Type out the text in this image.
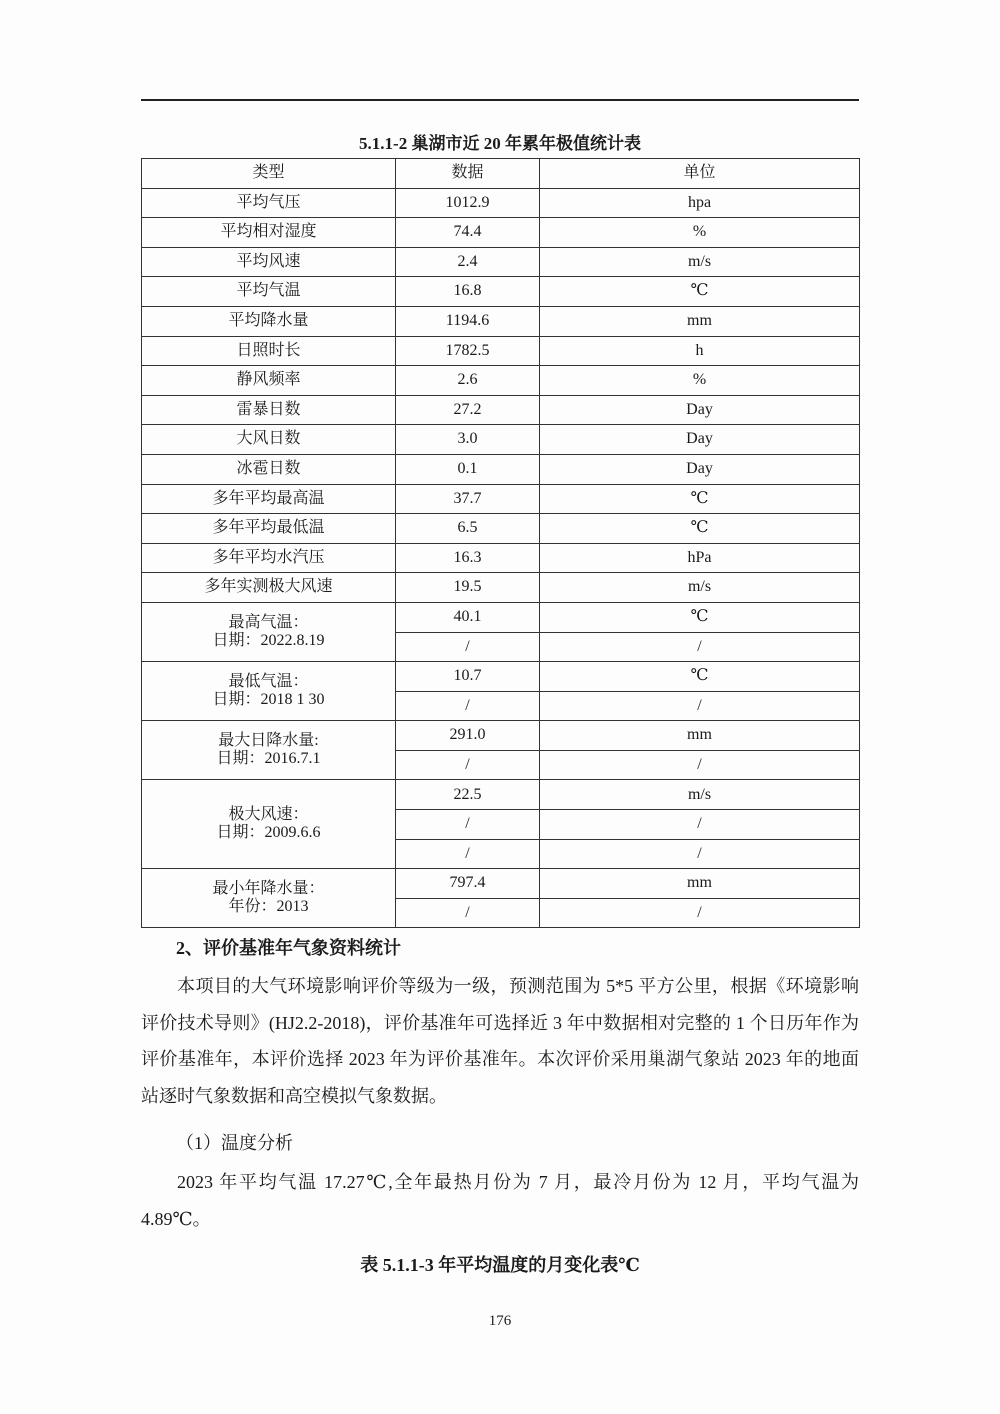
5.1.1-2 巢湖市近 20 年累年极值统计表
类型	数据	单位
平均气压	1012.9	hpa
平均相对湿度	74.4	%
平均风速	2.4	m/s
平均气温	16.8	℃
平均降水量	1194.6	mm
日照时长	1782.5	h
静风频率	2.6	%
雷暴日数	27.2	Day
大风日数	3.0	Day
冰雹日数	0.1	Day
多年平均最高温	37.7	℃
多年平均最低温	6.5	℃
多年平均水汽压	16.3	hPa
多年实测极大风速	19.5	m/s

最高气温：
日期：2022.8.19	40.1	℃
	/	/

最低气温：
日期：2018 1 30	10.7	℃
	/	/

最大日降水量:
日期：2016.7.1	291.0	mm
	/	/

极大风速：
日期：2009.6.6	22.5	m/s
	/	/
	/	/

最小年降水量：
年份：2013	797.4	mm
	/	/
2、评价基准年气象资料统计
本项目的大气环境影响评价等级为一级，预测范围为 5*5 平方公里，根据《环境影响评价技术导则》(HJ2.2-2018)，评价基准年可选择近 3 年中数据相对完整的 1 个日历年作为评价基准年，本评价选择 2023 年为评价基准年。本次评价采用巢湖气象站 2023 年的地面站逐时气象数据和高空模拟气象数据。
（1）温度分析
2023 年平均气温 17.27℃,全年最热月份为 7 月，最冷月份为 12 月，平均气温为 4.89℃。
表 5.1.1-3 年平均温度的月变化表℃
176
